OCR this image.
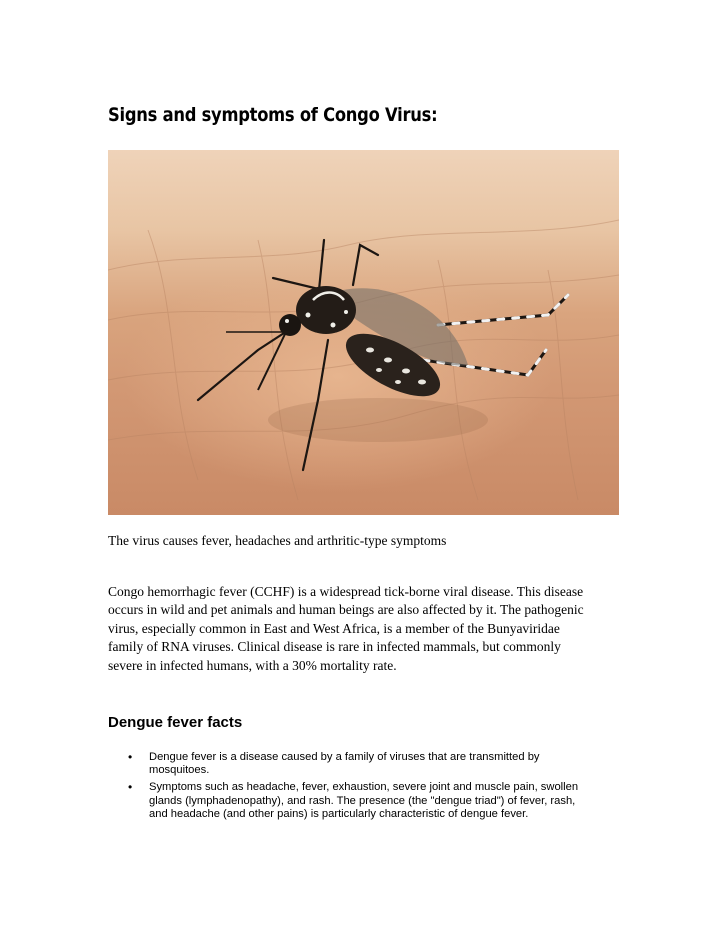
Signs and symptoms of Congo Virus:
The virus causes fever, headaches and arthritic-type symptoms
Congo hemorrhagic fever (CCHF) is a widespread tick-borne viral disease. This disease
occurs in wild and pet animals and human beings are also affected by it. The pathogenic
virus, especially common in East and West Africa, is a member of the Bunyaviridae
family of RNA viruses. Clinical disease is rare in infected mammals, but commonly
severe in infected humans, with a 30% mortality rate.
Dengue fever facts
• Dengue fever is a disease caused by a family of viruses that are transmitted by
mosquitoes.
• Symptoms such as headache, fever, exhaustion, severe joint and muscle pain, swollen
glands (lymphadenopathy), and rash. The presence (the "dengue triad") of fever, rash,
and headache (and other pains) is particularly characteristic of dengue fever.
